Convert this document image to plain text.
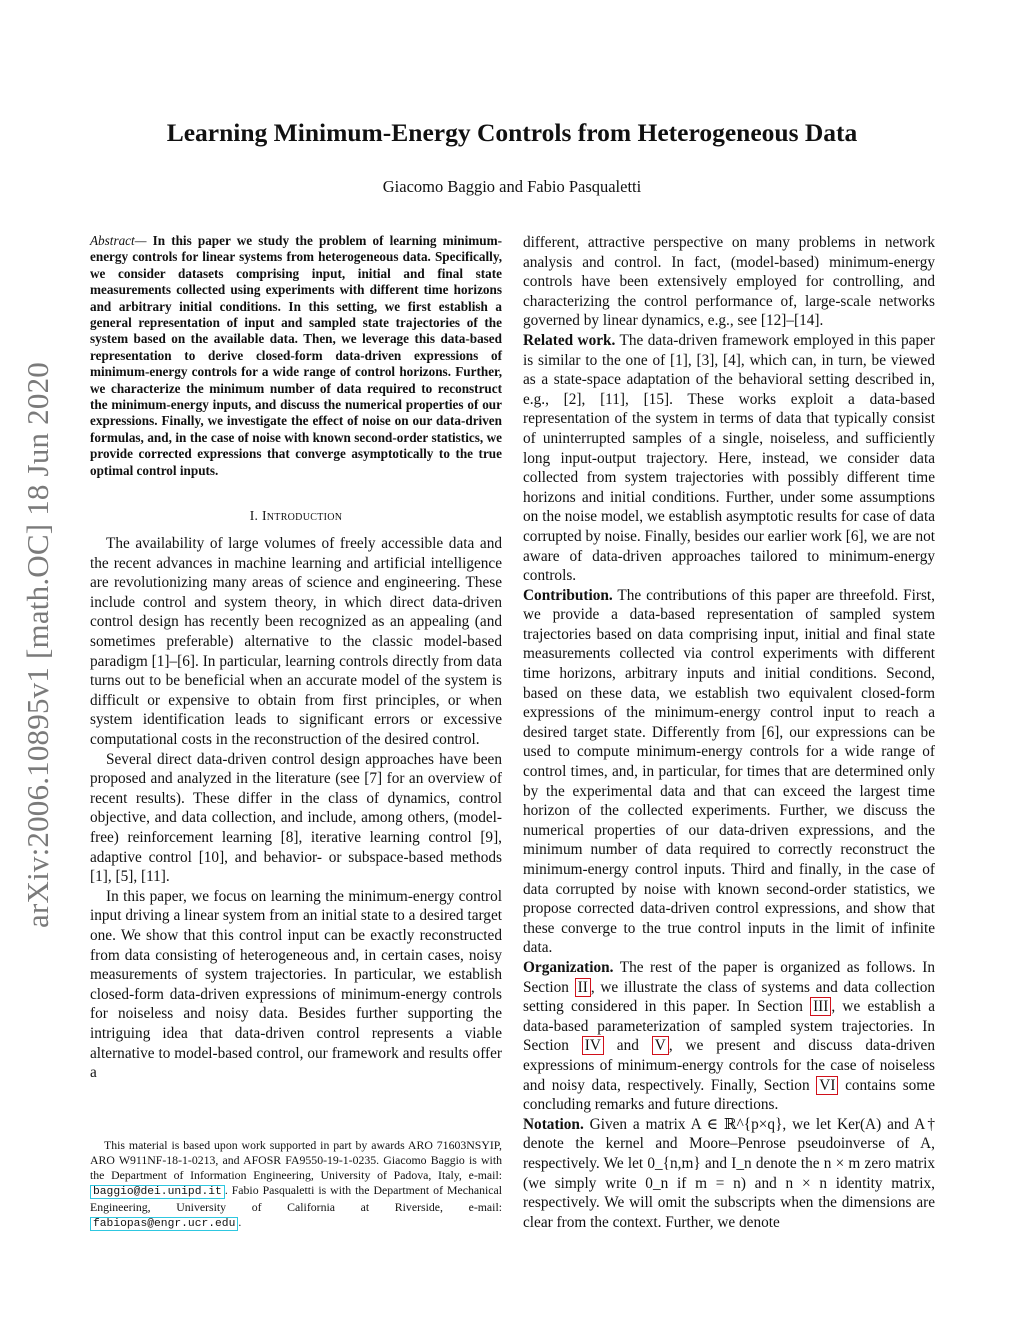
arXiv:2006.10895v1 [math.OC] 18 Jun 2020
Learning Minimum-Energy Controls from Heterogeneous Data

Giacomo Baggio and Fabio Pasqualetti

Abstract— In this paper we study the problem of learning minimum-energy controls for linear systems from heterogeneous data. Specifically, we consider datasets comprising input, initial and final state measurements collected using experiments with different time horizons and arbitrary initial conditions. In this setting, we first establish a general representation of input and sampled state trajectories of the system based on the available data. Then, we leverage this data-based representation to derive closed-form data-driven expressions of minimum-energy controls for a wide range of control horizons. Further, we characterize the minimum number of data required to reconstruct the minimum-energy inputs, and discuss the numerical properties of our expressions. Finally, we investigate the effect of noise on our data-driven formulas, and, in the case of noise with known second-order statistics, we provide corrected expressions that converge asymptotically to the true optimal control inputs.

I. Introduction

The availability of large volumes of freely accessible data and the recent advances in machine learning and artificial intelligence are revolutionizing many areas of science and engineering. These include control and system theory, in which direct data-driven control design has recently been recognized as an appealing (and sometimes preferable) alternative to the classic model-based paradigm [1]–[6]. In particular, learning controls directly from data turns out to be beneficial when an accurate model of the system is difficult or expensive to obtain from first principles, or when system identification leads to significant errors or excessive computational costs in the reconstruction of the desired control.

Several direct data-driven control design approaches have been proposed and analyzed in the literature (see [7] for an overview of recent results). These differ in the class of dynamics, control objective, and data collection, and include, among others, (model-free) reinforcement learning [8], iterative learning control [9], adaptive control [10], and behavior- or subspace-based methods [1], [5], [11].

In this paper, we focus on learning the minimum-energy control input driving a linear system from an initial state to a desired target one. We show that this control input can be exactly reconstructed from data consisting of heterogeneous and, in certain cases, noisy measurements of system trajectories. In particular, we establish closed-form data-driven expressions of minimum-energy controls for noiseless and noisy data. Besides further supporting the intriguing idea that data-driven control represents a viable alternative to model-based control, our framework and results offer a

This material is based upon work supported in part by awards ARO 71603NSYIP, ARO W911NF-18-1-0213, and AFOSR FA9550-19-1-0235. Giacomo Baggio is with the Department of Information Engineering, University of Padova, Italy, e-mail: baggio@dei.unipd.it . Fabio Pasqualetti is with the Department of Mechanical Engineering, University of California at Riverside, e-mail: fabiopas@engr.ucr.edu .

different, attractive perspective on many problems in network analysis and control. In fact, (model-based) minimum-energy controls have been extensively employed for controlling, and characterizing the control performance of, large-scale networks governed by linear dynamics, e.g., see [12]–[14].

Related work. The data-driven framework employed in this paper is similar to the one of [1], [3], [4], which can, in turn, be viewed as a state-space adaptation of the behavioral setting described in, e.g., [2], [11], [15]. These works exploit a data-based representation of the system in terms of data that typically consist of uninterrupted samples of a single, noiseless, and sufficiently long input-output trajectory. Here, instead, we consider data collected from system trajectories with possibly different time horizons and initial conditions. Further, under some assumptions on the noise model, we establish asymptotic results for case of data corrupted by noise. Finally, besides our earlier work [6], we are not aware of data-driven approaches tailored to minimum-energy controls.

Contribution. The contributions of this paper are threefold. First, we provide a data-based representation of sampled system trajectories based on data comprising input, initial and final state measurements collected via control experiments with different time horizons, arbitrary inputs and initial conditions. Second, based on these data, we establish two equivalent closed-form expressions of the minimum-energy control input to reach a desired target state. Differently from [6], our expressions can be used to compute minimum-energy controls for a wide range of control times, and, in particular, for times that are determined only by the experimental data and that can exceed the largest time horizon of the collected experiments. Further, we discuss the numerical properties of our data-driven expressions, and the minimum number of data required to correctly reconstruct the minimum-energy control inputs. Third and finally, in the case of data corrupted by noise with known second-order statistics, we propose corrected data-driven control expressions, and show that these converge to the true control inputs in the limit of infinite data.

Organization. The rest of the paper is organized as follows. In Section II , we illustrate the class of systems and data collection setting considered in this paper. In Section III , we establish a data-based parameterization of sampled system trajectories. In Section IV and V , we present and discuss data-driven expressions of minimum-energy controls for the case of noiseless and noisy data, respectively. Finally, Section VI contains some concluding remarks and future directions.

Notation. Given a matrix A ∈ ℝ^{p×q}, we let Ker(A) and A† denote the kernel and Moore–Penrose pseudoinverse of A, respectively. We let 0_{n,m} and I_n denote the n × m zero matrix (we simply write 0_n if m = n) and n × n identity matrix, respectively. We will omit the subscripts when the dimensions are clear from the context. Further, we denote
